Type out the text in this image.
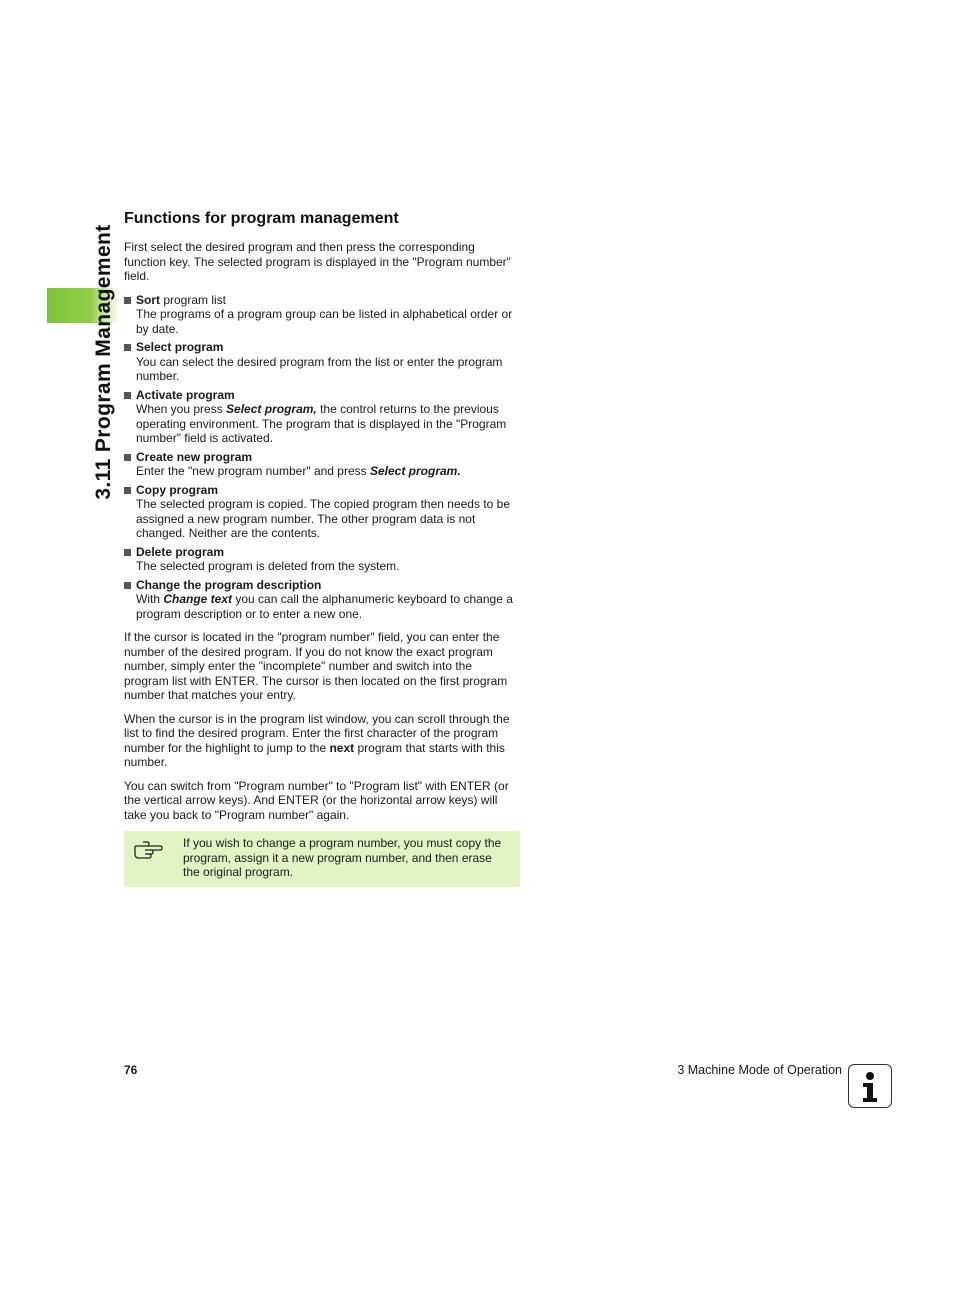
3.11 Program Management
Functions for program management

First select the desired program and then press the corresponding function key. The selected program is displayed in the "Program number" field.

Sort program list
The programs of a program group can be listed in alphabetical order or by date.
Select program
You can select the desired program from the list or enter the program number.
Activate program
When you press Select program, the control returns to the previous operating environment. The program that is displayed in the "Program number" field is activated.
Create new program
Enter the "new program number" and press Select program.
Copy program
The selected program is copied. The copied program then needs to be assigned a new program number. The other program data is not changed. Neither are the contents.
Delete program
The selected program is deleted from the system.
Change the program description
With Change text you can call the alphanumeric keyboard to change a program description or to enter a new one.

If the cursor is located in the "program number" field, you can enter the number of the desired program. If you do not know the exact program number, simply enter the "incomplete" number and switch into the program list with ENTER. The cursor is then located on the first program number that matches your entry.

When the cursor is in the program list window, you can scroll through the list to find the desired program. Enter the first character of the program number for the highlight to jump to the next program that starts with this number.

You can switch from "Program number" to "Program list" with ENTER (or the vertical arrow keys). And ENTER (or the horizontal arrow keys) will take you back to "Program number" again.

If you wish to change a program number, you must copy the program, assign it a new program number, and then erase the original program.
76	3 Machine Mode of Operation
